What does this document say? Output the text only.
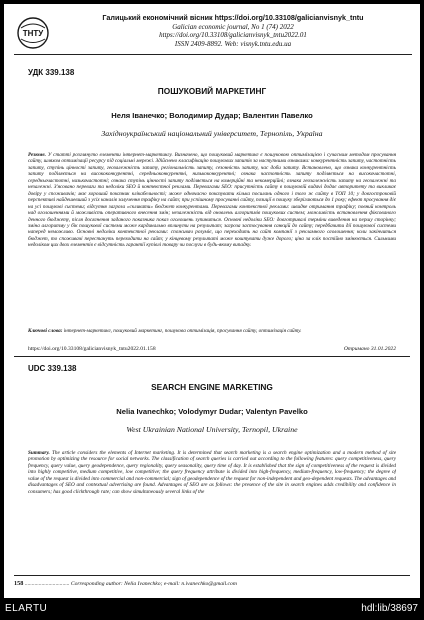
ТНТУ
Галицький економічний вісник https://doi.org/10.33108/galicianvisnyk_tntu
Galician economic journal, No 1 (74) 2022
https://doi.org/10.33108/galicianvisnyk_tntu2022.01
ISSN 2409-8892. Web: visnyk.tntu.edu.ua
УДК 339.138
ПОШУКОВИЙ МАРКЕТИНГ
Неля Іванечко; Володимир Дудар; Валентин Павелко
Західноукраїнський національний університет, Тернопіль, Україна
Резюме. У статті розглянуто елементи інтернет-маркетингу. Визначено, що пошуковий маркетинг є пошуковою оптимізацією і сучасним методом просування сайту, шляхом оптимізації ресурсу під соціальні мережі. Здійснено класифікацію пошукових запитів за наступними ознаками: конкурентність запиту, частотність запиту, ступінь цінності запиту, геозалежність запиту, регіональність запиту, сезонність запиту, час доби запиту. Встановлено, що ознака конкурентність запиту поділяється на висококонкурентні, середньоконкурентні, низькоконкурентні; ознака частотність запиту поділяється на високочастотні, середньочастотні, низькочастотні; ознака ступінь цінності запиту поділяється на комерційні та некомерційні; ознака геозалежність запиту на геозалежні та незалежні. З'ясовано переваги та недоліки SEO й контекстної реклами. Перевагами SEO: присутність сайту в пошуковій видачі додає авторитету та викликає довіру у споживачів; має хороший показник клікабельності; може одночасно показувати кілька посилань одного і того ж сайту в ТОП 10; у довгостроковій перспективі найдешевший з усіх каналів залучення трафіку на сайт; при успішному просуванні сайту, позиції в пошуку зберігаються до 1 року; ефект просування діє на усі пошукові системи; відсутня загроза «скликати» бюджет конкурентами. Перевагами контекстної реклами: швидке отримання трафіку; повний контроль над оголошеннями й можливість оперативного внесення змін; незалежність від оновлень алгоритмів пошукових систем; можливість встановлення фіксованого денного бюджету, після досягнення заданого показника показ оголошень зупиниться. Основні недоліки SEO: довготривалі терміни виведення на першу сторінку; зміна алгоритму у бік пошукової системи може кардинально вплинути на результат; загроза застосування санкцій до сайту; передбачити дії пошукової системи наперед неможливо. Основні недоліки контекстної реклами: споживач розуміє, що переходить на сайт компанії з рекламного оголошення; коли закінчиться бюджет, то споживачі перестануть переходити на сайт; у кінцевому результаті може коштувати дуже дорого; ціна за клік постійно змінюється. Сильними недоліком цих двох елементів є відсутність гарантії купівлі товару чи послуги в будь-якому випадку.
Ключові слова: інтернет-маркетинг, пошуковий маркетинг, пошукова оптимізація, просування сайту, оптимізація сайту.
https://doi.org/10.33108/galicianvisnyk_tntu2022.01.158	Отримано 31.01.2022
UDC 339.138
SEARCH ENGINE MARKETING
Nelia Ivanechko; Volodymyr Dudar; Valentyn Pavelko
West Ukrainian National University, Ternopil, Ukraine
Summary. The article considers the elements of Internet marketing. It is determined that search marketing is a search engine optimization and a modern method of site promotion by optimizing the resource for social networks. The classification of search queries is carried out according to the following features: query competitiveness, query frequency, query value, query geodependence, query regionality, query seasonality, query time of day. It is established that the sign of competitiveness of the request is divided into highly competitive, medium competitive, low competitive; the query frequency attribute is divided into high-frequency, medium-frequency, low-frequency; the degree of value of the request is divided into commercial and non-commercial; sign of geodependence of the request for non-independent and geo-dependent requests. The advantages and disadvantages of SEO and contextual advertising are found. Advantages of SEO are as follows: the presence of the site in search engines adds credibility and confidence in consumers; has good clickthrough rate; can show simultaneously several links of the
158 ................................ Corresponding author: Nelia Ivanechko; e-mail: n.ivanechko@gmail.com
ELARTU	hdl:lib/38697
